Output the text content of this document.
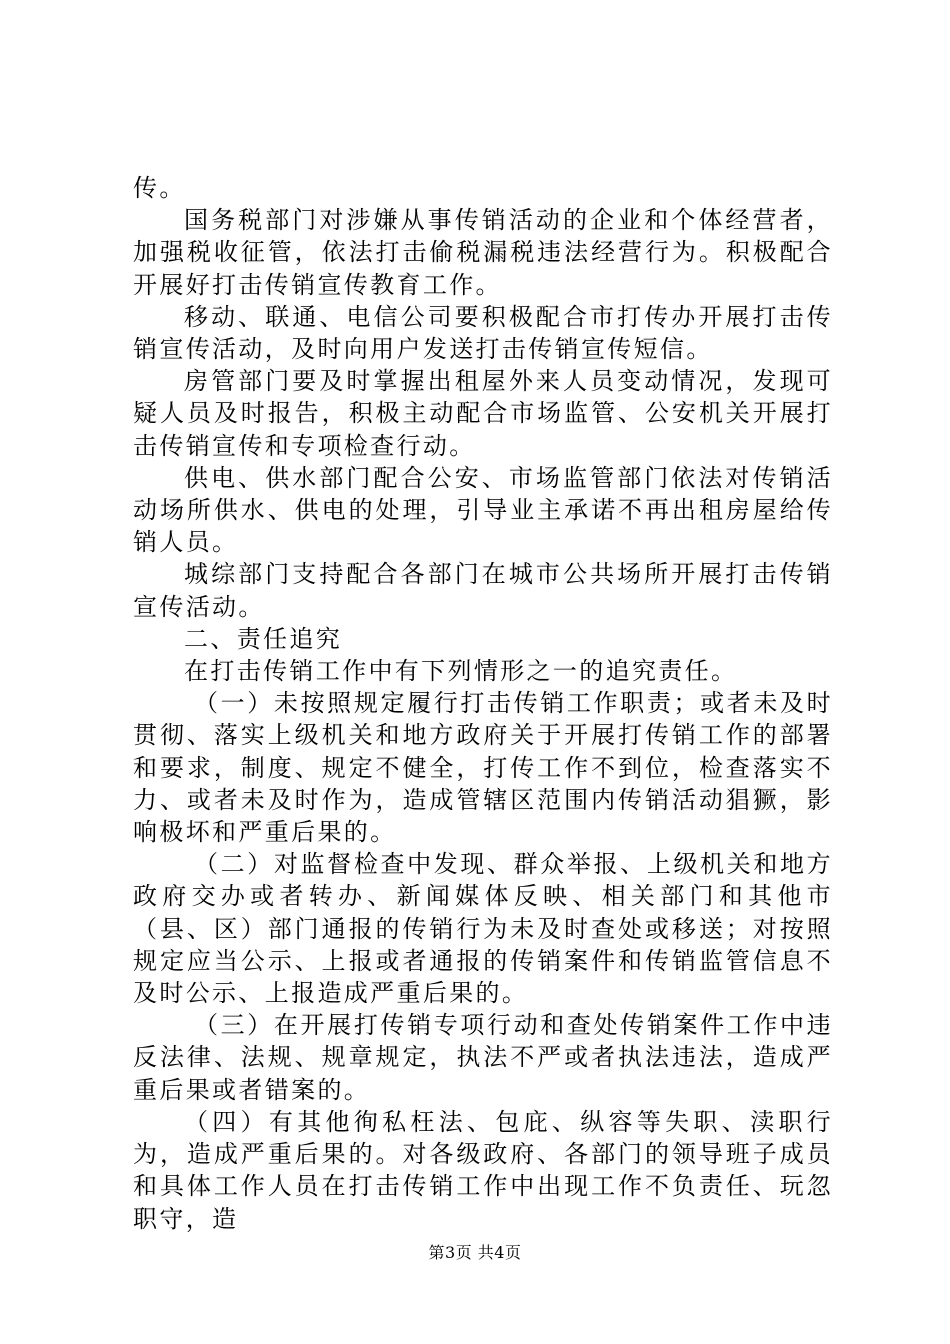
传。

国务税部门对涉嫌从事传销活动的企业和个体经营者，加强税收征管，依法打击偷税漏税违法经营行为。积极配合开展好打击传销宣传教育工作。

移动、联通、电信公司要积极配合市打传办开展打击传销宣传活动，及时向用户发送打击传销宣传短信。

房管部门要及时掌握出租屋外来人员变动情况，发现可疑人员及时报告，积极主动配合市场监管、公安机关开展打击传销宣传和专项检查行动。

供电、供水部门配合公安、市场监管部门依法对传销活动场所供水、供电的处理，引导业主承诺不再出租房屋给传销人员。

城综部门支持配合各部门在城市公共场所开展打击传销宣传活动。

二、责任追究

在打击传销工作中有下列情形之一的追究责任。

（一）未按照规定履行打击传销工作职责；或者未及时贯彻、落实上级机关和地方政府关于开展打传销工作的部署和要求，制度、规定不健全，打传工作不到位，检查落实不力、或者未及时作为，造成管辖区范围内传销活动猖獗，影响极坏和严重后果的。

（二）对监督检查中发现、群众举报、上级机关和地方政府交办或者转办、新闻媒体反映、相关部门和其他市（县、区）部门通报的传销行为未及时查处或移送；对按照规定应当公示、上报或者通报的传销案件和传销监管信息不及时公示、上报造成严重后果的。

（三）在开展打传销专项行动和查处传销案件工作中违反法律、法规、规章规定，执法不严或者执法违法，造成严重后果或者错案的。

（四）有其他徇私枉法、包庇、纵容等失职、渎职行为，造成严重后果的。对各级政府、各部门的领导班子成员和具体工作人员在打击传销工作中出现工作不负责任、玩忽职守，造

第3页 共4页
